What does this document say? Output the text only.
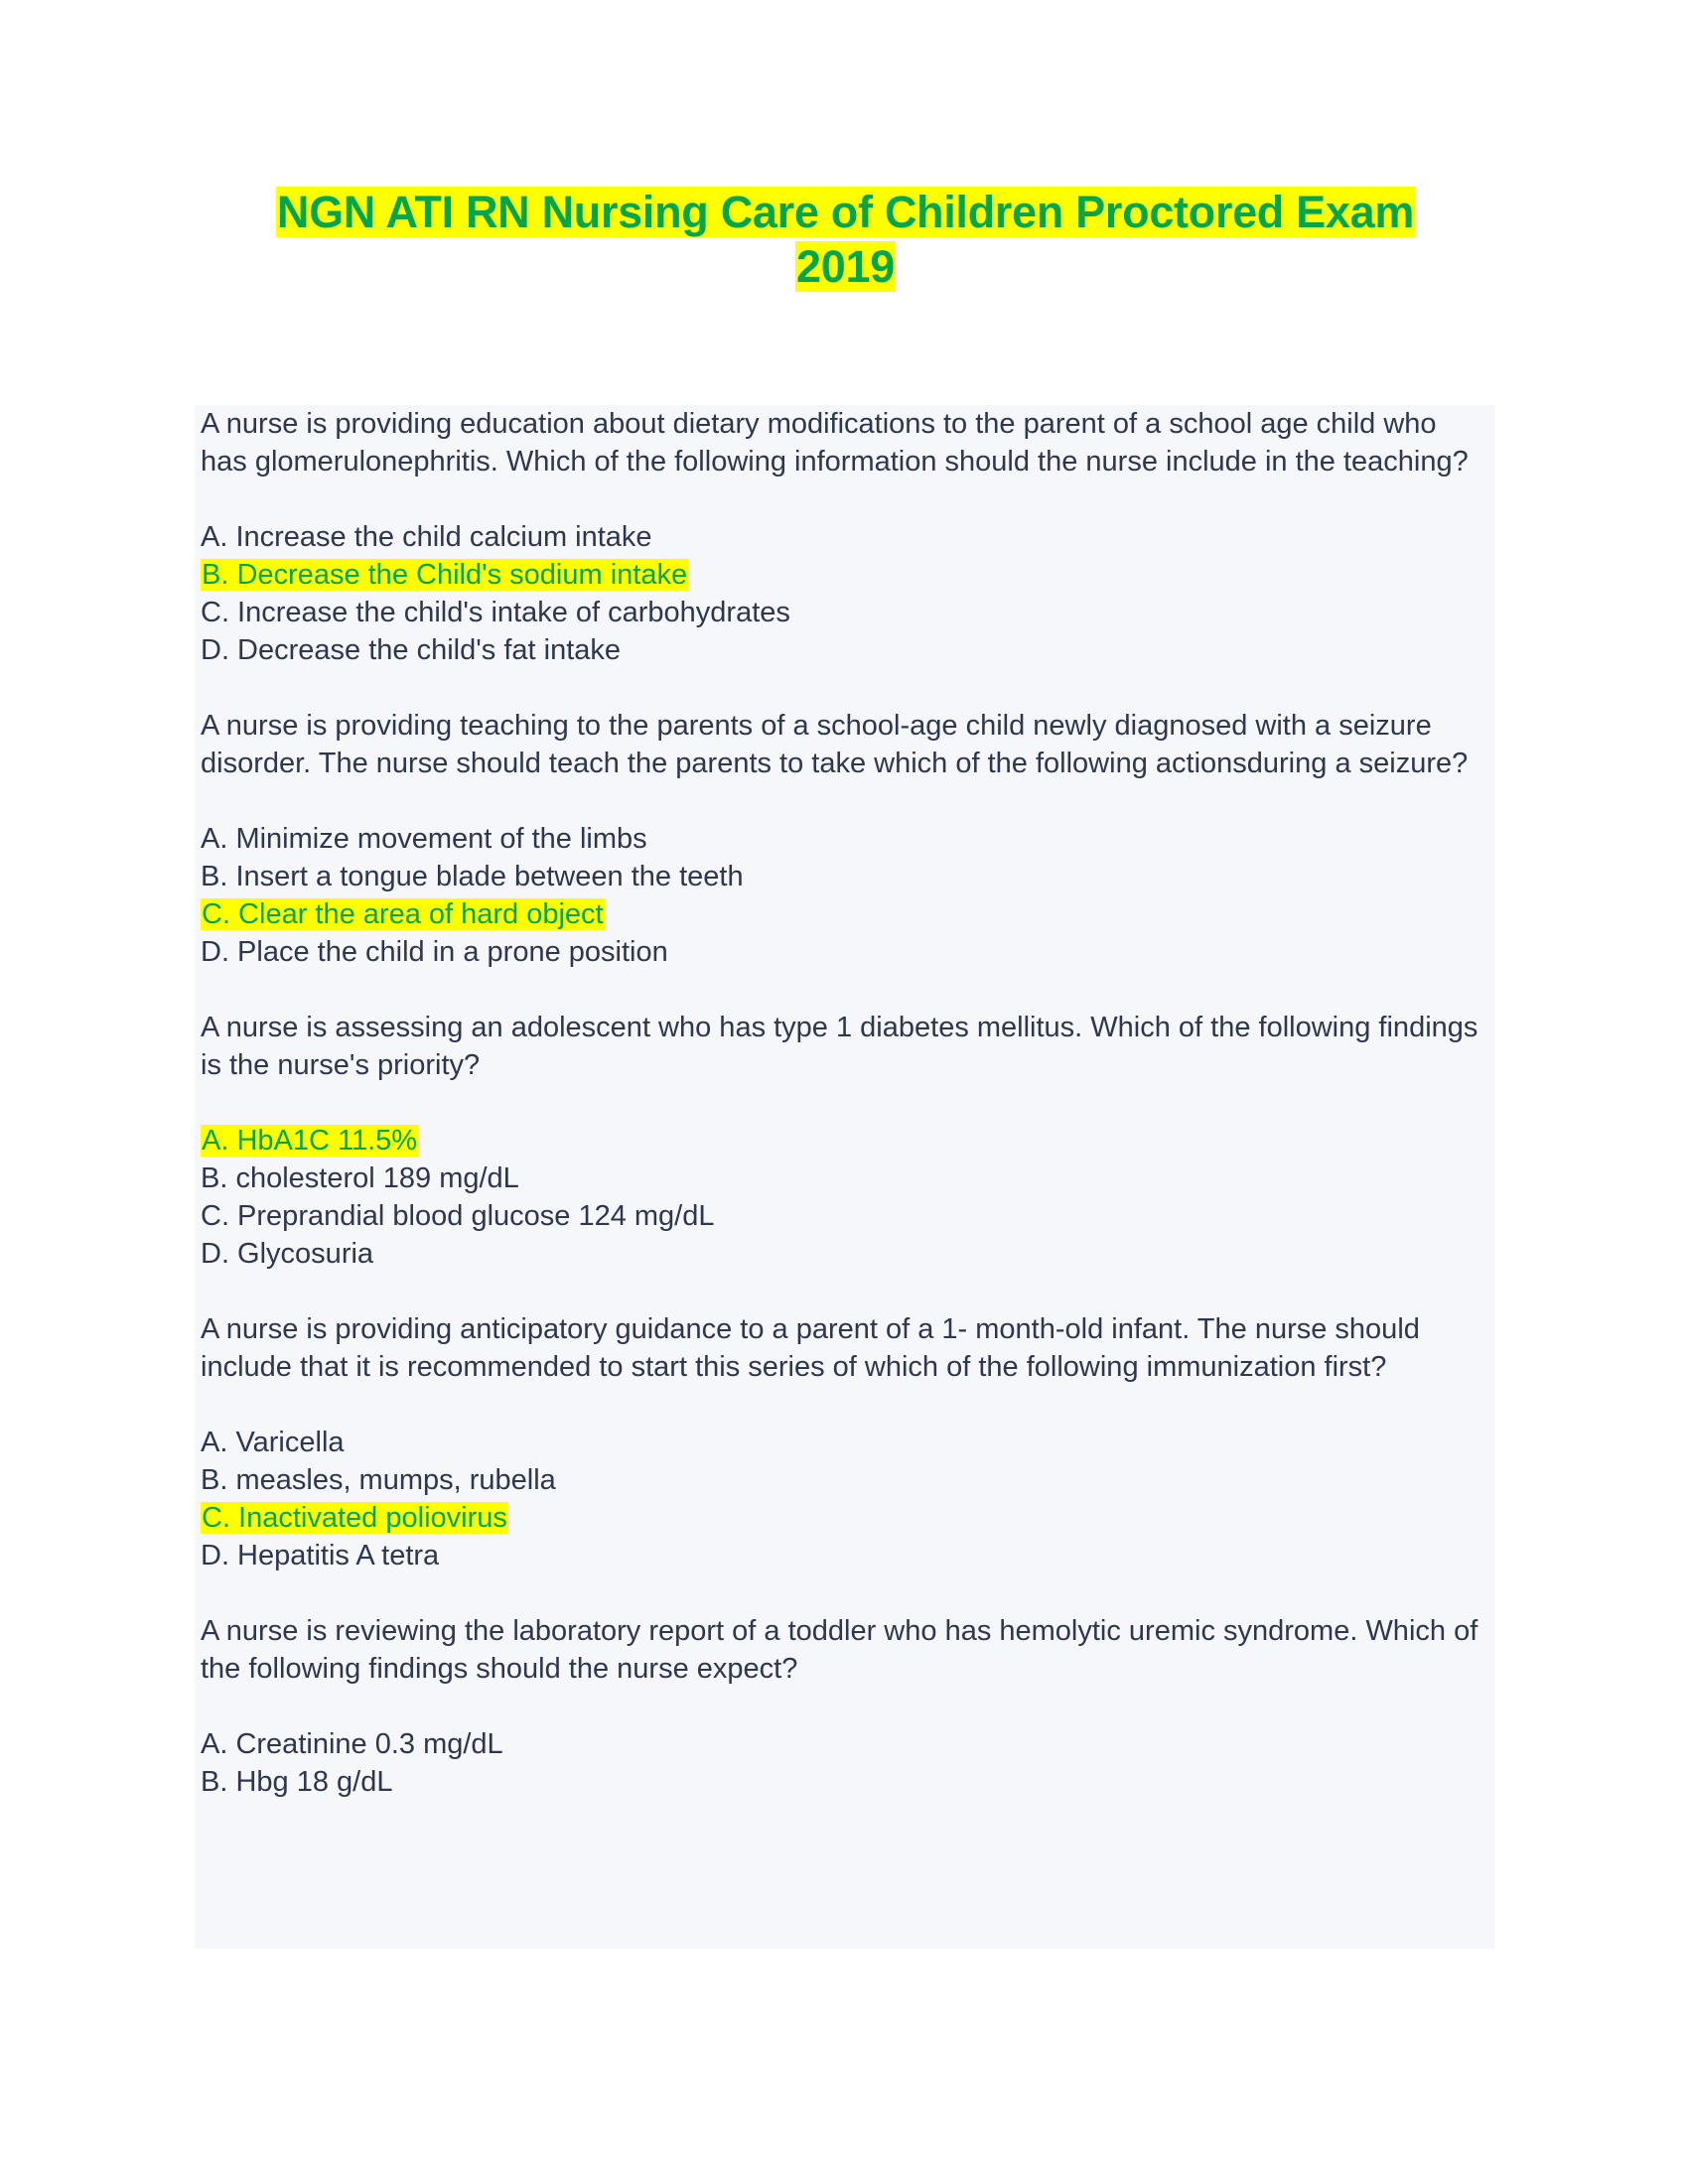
NGN ATI RN Nursing Care of Children Proctored Exam
2019

A nurse is providing education about dietary modifications to the parent of a school age child who has glomerulonephritis. Which of the following information should the nurse include in the teaching?

A. Increase the child calcium intake

B. Decrease the Child's sodium intake

C. Increase the child's intake of carbohydrates

D. Decrease the child's fat intake

A nurse is providing teaching to the parents of a school-age child newly diagnosed with a seizure disorder. The nurse should teach the parents to take which of the following actionsduring a seizure?

A. Minimize movement of the limbs

B. Insert a tongue blade between the teeth

C. Clear the area of hard object

D. Place the child in a prone position

A nurse is assessing an adolescent who has type 1 diabetes mellitus. Which of the following findings is the nurse's priority?

A. HbA1C 11.5%

B. cholesterol 189 mg/dL

C. Preprandial blood glucose 124 mg/dL

D. Glycosuria

A nurse is providing anticipatory guidance to a parent of a 1- month-old infant. The nurse should include that it is recommended to start this series of which of the following immunization first?

A. Varicella

B. measles, mumps, rubella

C. Inactivated poliovirus

D. Hepatitis A tetra

A nurse is reviewing the laboratory report of a toddler who has hemolytic uremic syndrome. Which of the following findings should the nurse expect?

A. Creatinine 0.3 mg/dL

B. Hbg 18 g/dL
